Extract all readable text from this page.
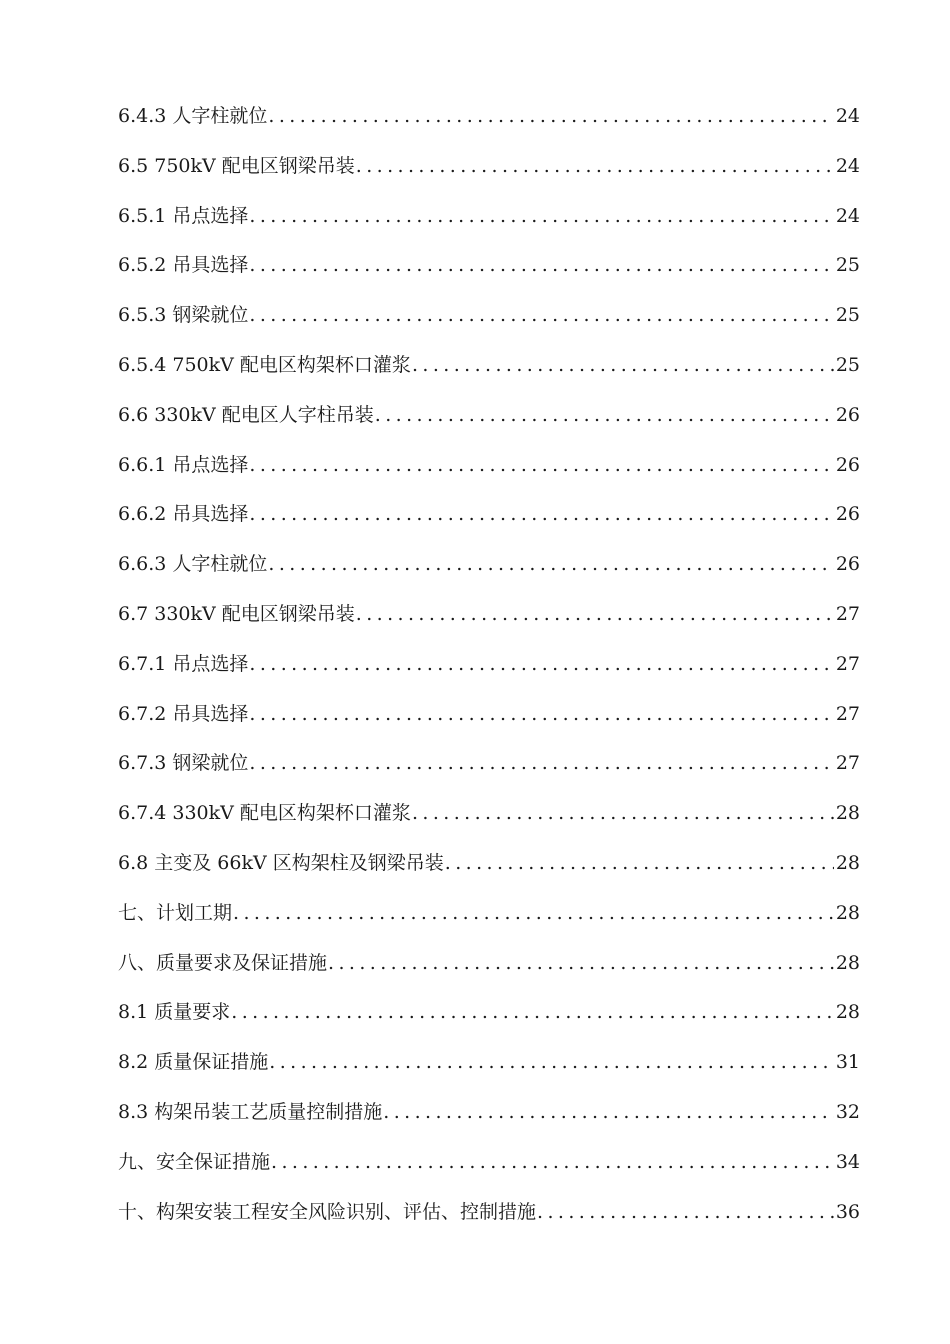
6.4.3 人字柱就位 .....	24
6.5 750kV 配电区钢梁吊装 .....	24
6.5.1 吊点选择 .....	24
6.5.2 吊具选择 .....	25
6.5.3 钢梁就位 .....	25
6.5.4 750kV 配电区构架杯口灌浆 .....	25
6.6 330kV 配电区人字柱吊装 .....	26
6.6.1 吊点选择 .....	26
6.6.2 吊具选择 .....	26
6.6.3 人字柱就位 .....	26
6.7 330kV 配电区钢梁吊装 .....	27
6.7.1 吊点选择 .....	27
6.7.2 吊具选择 .....	27
6.7.3 钢梁就位 .....	27
6.7.4 330kV 配电区构架杯口灌浆 .....	28
6.8 主变及 66kV 区构架柱及钢梁吊装 .....	28
七、计划工期 .....	28
八、质量要求及保证措施 .....	28
8.1 质量要求 .....	28
8.2 质量保证措施 .....	31
8.3 构架吊装工艺质量控制措施 .....	32
九、安全保证措施 .....	34
十、构架安装工程安全风险识别、评估、控制措施 .....	36
